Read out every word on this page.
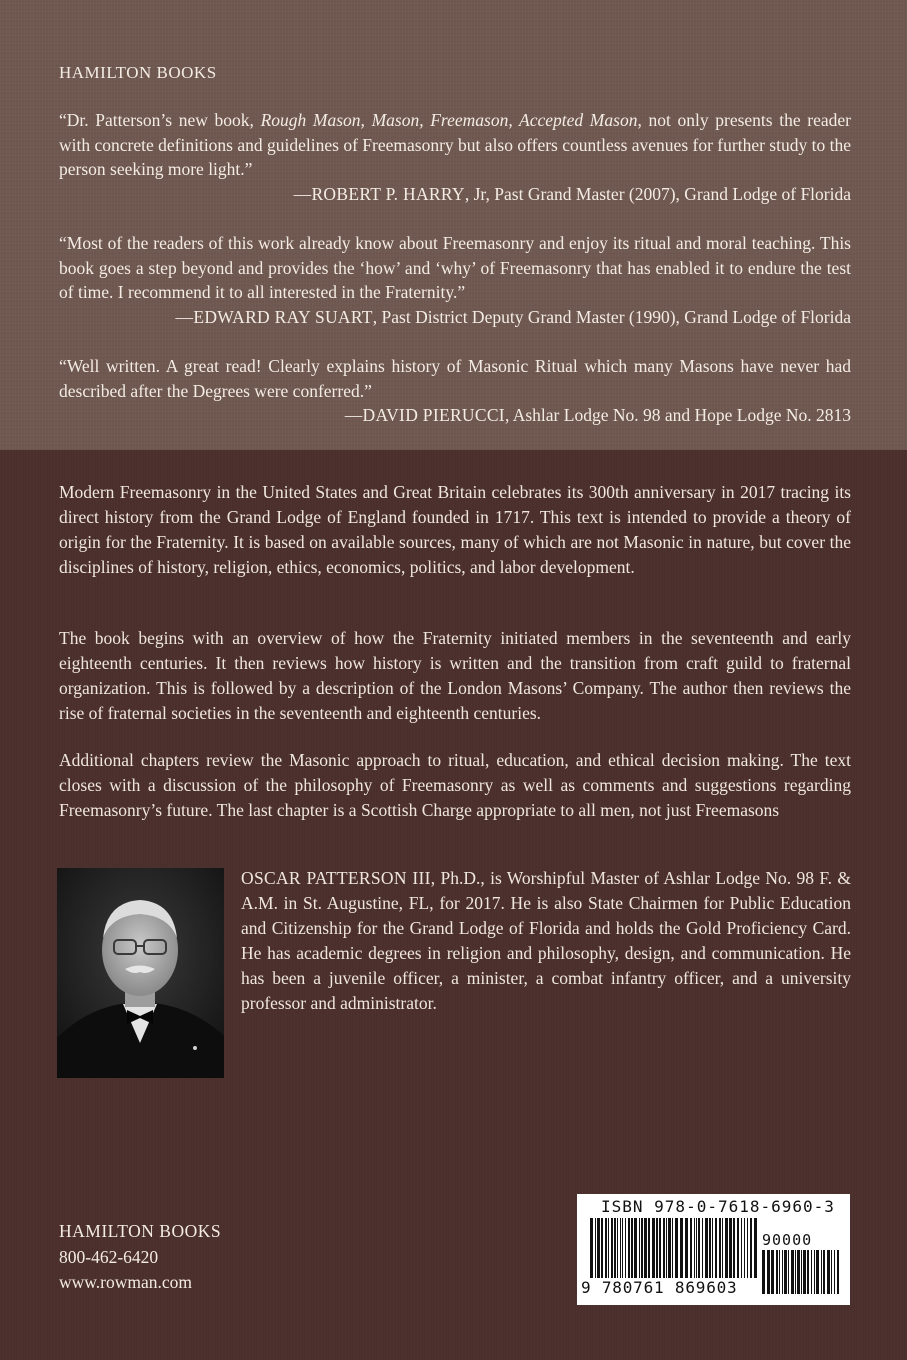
HAMILTON BOOKS

“Dr. Patterson’s new book, Rough Mason, Mason, Freemason, Accepted Mason, not only presents the reader with concrete definitions and guidelines of Freemasonry but also offers countless avenues for further study to the person seeking more light.”

—ROBERT P. HARRY, Jr, Past Grand Master (2007), Grand Lodge of Florida

“Most of the readers of this work already know about Freemasonry and enjoy its ritual and moral teaching. This book goes a step beyond and provides the ‘how’ and ‘why’ of Freemasonry that has enabled it to endure the test of time. I recommend it to all interested in the Fraternity.”

—EDWARD RAY SUART, Past District Deputy Grand Master (1990), Grand Lodge of Florida

“Well written. A great read! Clearly explains history of Masonic Ritual which many Masons have never had described after the Degrees were conferred.”

—DAVID PIERUCCI, Ashlar Lodge No. 98 and Hope Lodge No. 2813

Modern Freemasonry in the United States and Great Britain celebrates its 300th anniversary in 2017 tracing its direct history from the Grand Lodge of England founded in 1717. This text is intended to provide a theory of origin for the Fraternity. It is based on available sources, many of which are not Masonic in nature, but cover the disciplines of history, religion, ethics, economics, politics, and labor development.

The book begins with an overview of how the Fraternity initiated members in the seventeenth and early eighteenth centuries. It then reviews how history is written and the transition from craft guild to fraternal organization. This is followed by a description of the London Masons’ Company. The author then reviews the rise of fraternal societies in the seventeenth and eighteenth centuries.

Additional chapters review the Masonic approach to ritual, education, and ethical decision making. The text closes with a discussion of the philosophy of Freemasonry as well as comments and suggestions regarding Freemasonry’s future. The last chapter is a Scottish Charge appropriate to all men, not just Freemasons

OSCAR PATTERSON III, Ph.D., is Worshipful Master of Ashlar Lodge No. 98 F. & A.M. in St. Augustine, FL, for 2017. He is also State Chairmen for Public Education and Citizenship for the Grand Lodge of Florida and holds the Gold Proficiency Card. He has academic degrees in religion and philosophy, design, and communication. He has been a juvenile officer, a minister, a combat infantry officer, and a university professor and administrator.
HAMILTON BOOKS
800-462-6420
www.rowman.com
ISBN 978-0-7618-6960-3
90000
9 780761 869603
